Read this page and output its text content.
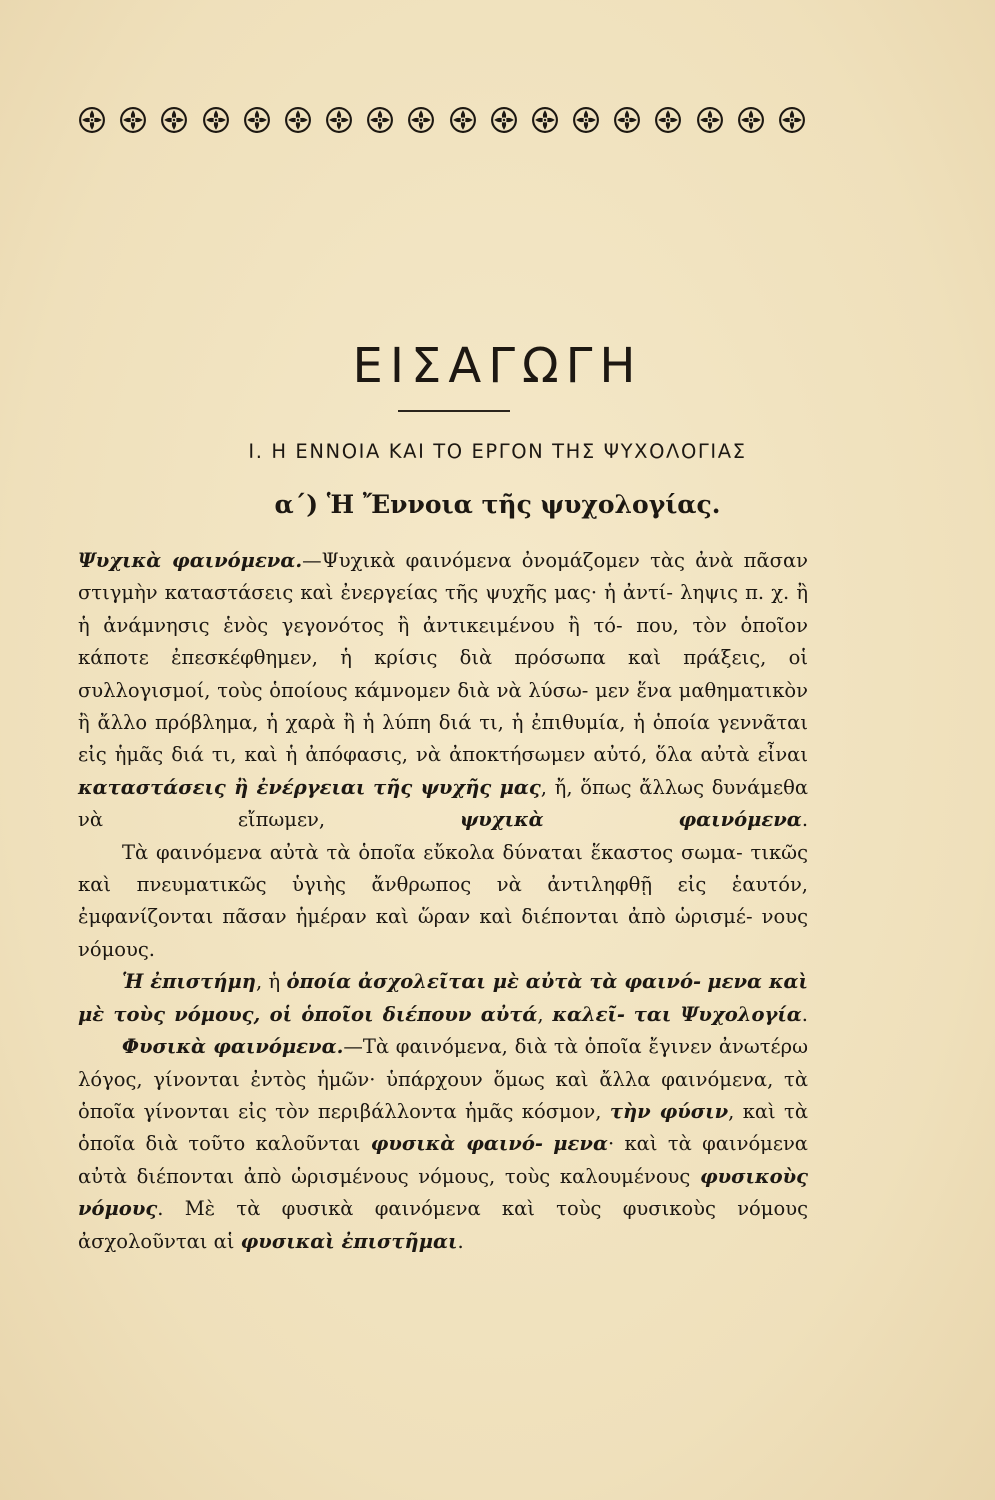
ΕΙΣΑΓΩΓΗ
Ι. Η ΕΝΝΟΙΑ ΚΑΙ ΤΟ ΕΡΓΟΝ ΤΗΣ ΨΥΧΟΛΟΓΙΑΣ
α΄) Ἡ Ἔννοια τῆς ψυχολογίας.

Ψυχικὰ φαινόμενα.—Ψυχικὰ φαινόμενα ὀνομάζομεν τὰς ἀνὰ πᾶσαν στιγμὴν καταστάσεις καὶ ἐνεργείας τῆς ψυχῆς μας· ἡ ἀντί- ληψις π. χ. ἢ ἡ ἀνάμνησις ἑνὸς γεγονότος ἢ ἀντικειμένου ἢ τό- που, τὸν ὁποῖον κάποτε ἐπεσκέφθημεν, ἡ κρίσις διὰ πρόσωπα καὶ πράξεις, οἱ συλλογισμοί, τοὺς ὁποίους κάμνομεν διὰ νὰ λύσω- μεν ἕνα μαθηματικὸν ἢ ἄλλο πρόβλημα, ἡ χαρὰ ἢ ἡ λύπη διά τι, ἡ ἐπιθυμία, ἡ ὁποία γεννᾶται εἰς ἡμᾶς διά τι, καὶ ἡ ἀπόφασις, νὰ ἀποκτήσωμεν αὐτό, ὅλα αὐτὰ εἶναι καταστάσεις ἢ ἐνέργειαι τῆς ψυχῆς μας, ἤ, ὅπως ἄλλως δυνάμεθα νὰ εἴπωμεν, ψυχικὰ	φαινόμενα.

Τὰ φαινόμενα αὐτὰ τὰ ὁποῖα εὔκολα δύναται ἕκαστος σωμα- τικῶς καὶ πνευματικῶς ὑγιὴς ἄνθρωπος νὰ ἀντιληφθῇ εἰς ἑαυτόν, ἐμφανίζονται πᾶσαν ἡμέραν καὶ ὥραν καὶ διέπονται ἀπὸ ὡρισμέ- νους νόμους.

Ἡ ἐπιστήμη, ἡ ὁποία ἀσχολεῖται μὲ αὐτὰ τὰ φαινό- μενα καὶ μὲ τοὺς νόμους, οἱ ὁποῖοι διέπουν αὐτά, καλεῖ- ται Ψυχολογία.

Φυσικὰ φαινόμενα.—Τὰ φαινόμενα, διὰ τὰ ὁποῖα ἔγινεν ἀνωτέρω λόγος, γίνονται ἐντὸς ἡμῶν· ὑπάρχουν ὅμως καὶ ἄλλα φαινόμενα, τὰ ὁποῖα γίνονται εἰς τὸν περιβάλλοντα ἡμᾶς κόσμον, τὴν φύσιν, καὶ τὰ ὁποῖα διὰ τοῦτο καλοῦνται φυσικὰ φαινό- μενα· καὶ τὰ φαινόμενα αὐτὰ διέπονται ἀπὸ ὡρισμένους νόμους, τοὺς καλουμένους φυσικοὺς νόμους. Μὲ τὰ φυσικὰ φαινόμενα καὶ τοὺς φυσικοὺς νόμους ἀσχολοῦνται αἱ φυσικαὶ ἐπιστῆμαι.
